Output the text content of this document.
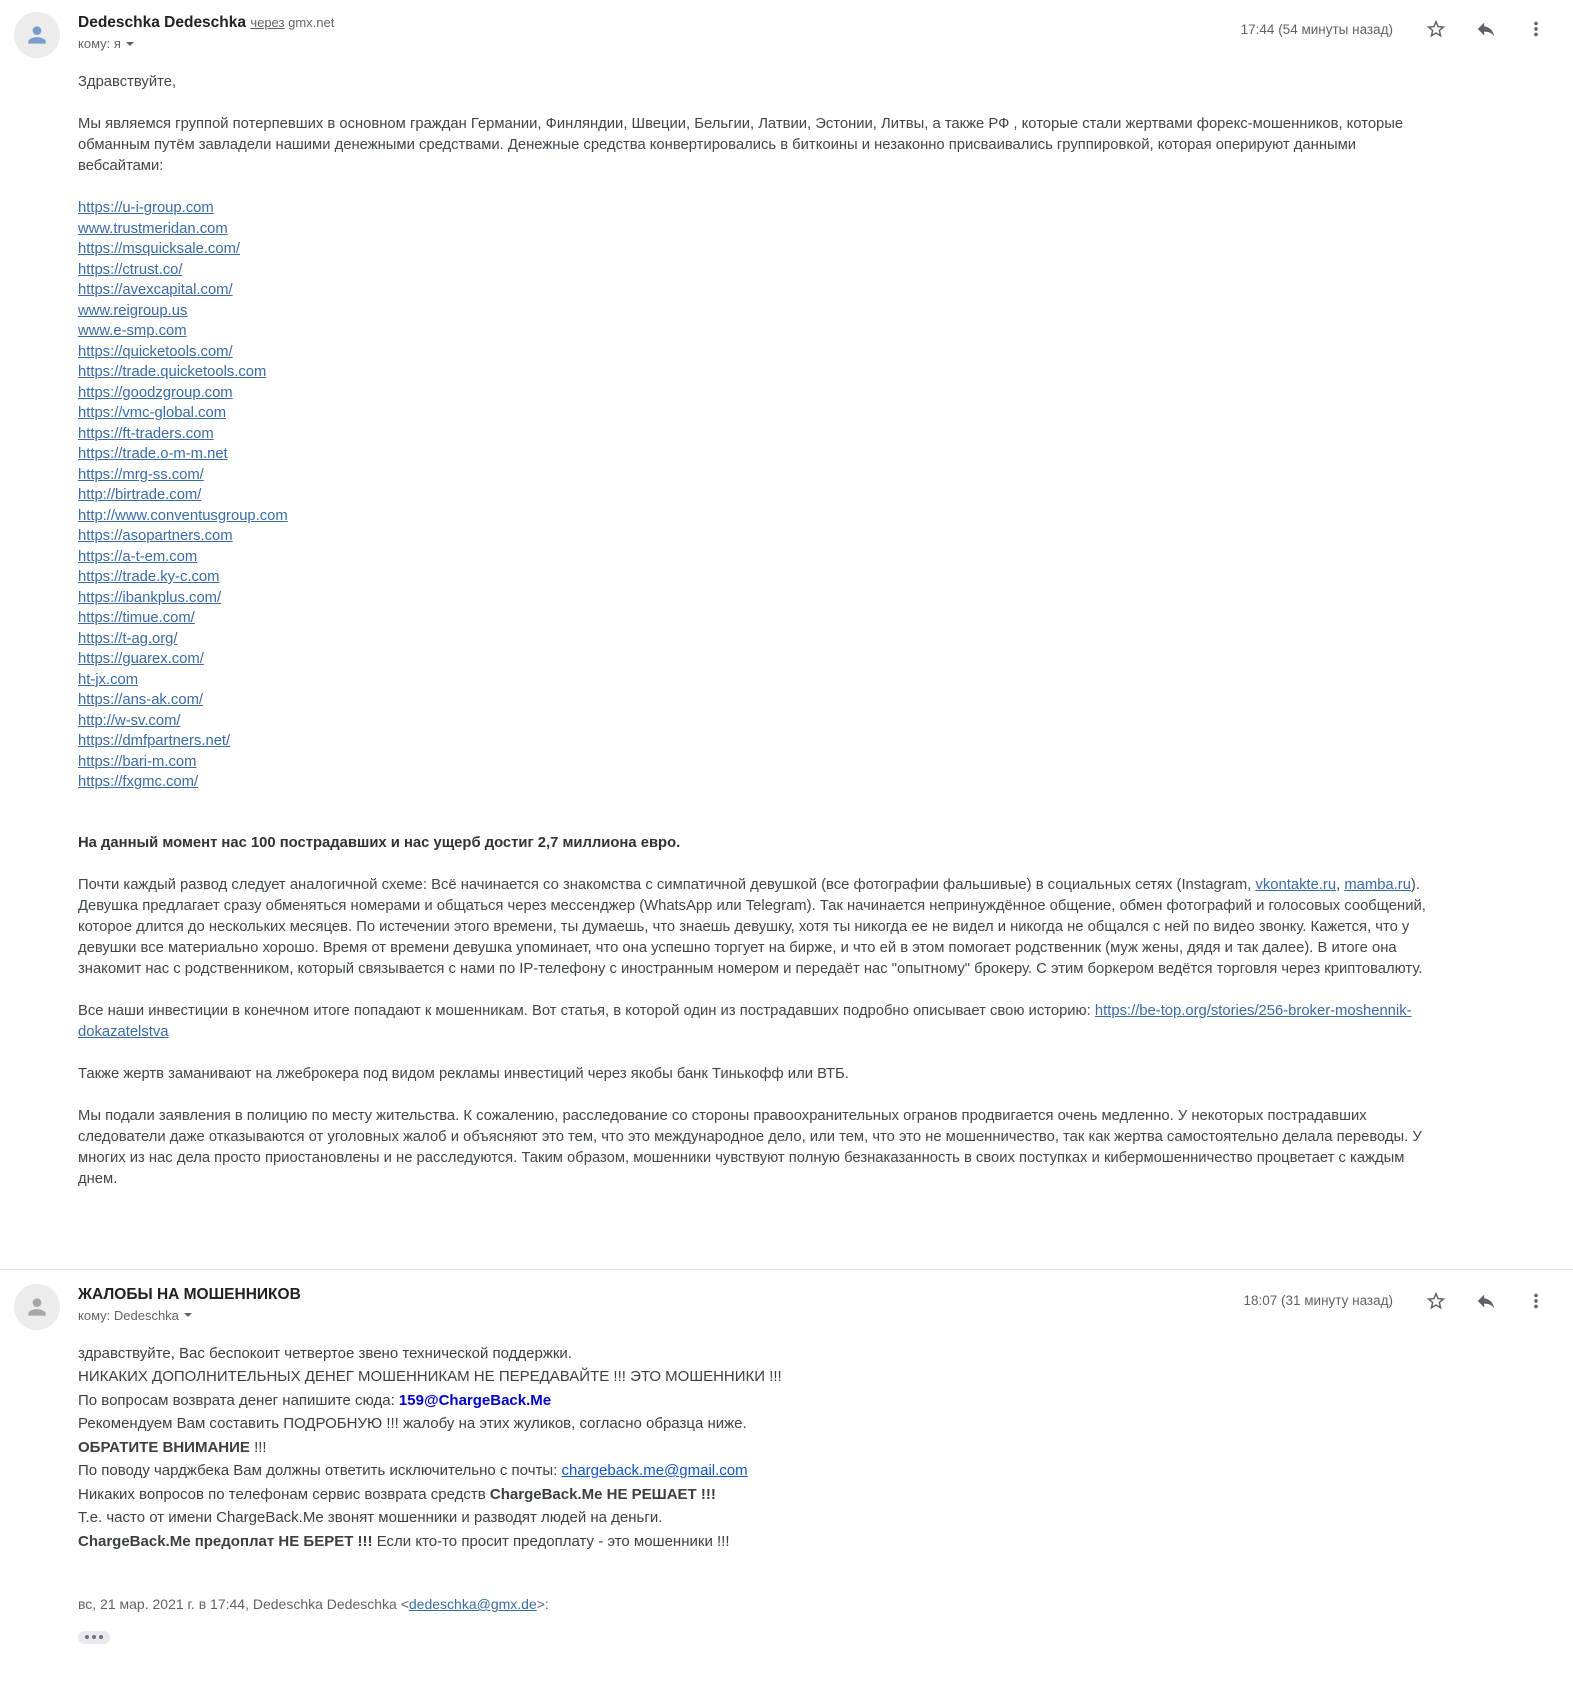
Dedeschka Dedeschka через gmx.net
кому: я
17:44 (54 минуты назад)

Здравствуйте,

Мы являемся группой потерпевших в основном граждан Германии, Финляндии, Швеции, Бельгии, Латвии, Эстонии, Литвы, а также РФ , которые стали жертвами форекс-мошенников, которые обманным путём завладели нашими денежными средствами. Денежные средства конвертировались в биткоины и незаконно присваивались группировкой, которая оперируют данными вебсайтами:

https://u-i-group.com
www.trustmeridan.com
https://msquicksale.com/
https://ctrust.co/
https://avexcapital.com/
www.reigroup.us
www.e-smp.com
https://quicketools.com/
https://trade.quicketools.com
https://goodzgroup.com
https://vmc-global.com
https://ft-traders.com
https://trade.o-m-m.net
https://mrg-ss.com/
http://birtrade.com/
http://www.conventusgroup.com
https://asopartners.com
https://a-t-em.com
https://trade.ky-c.com
https://ibankplus.com/
https://timue.com/
https://t-ag.org/
https://guarex.com/
ht-jx.com
https://ans-ak.com/
http://w-sv.com/
https://dmfpartners.net/
https://bari-m.com
https://fxgmc.com/

На данный момент нас 100 пострадавших и нас ущерб достиг 2,7 миллиона евро.

Почти каждый развод следует аналогичной схеме: Всё начинается со знакомства с симпатичной девушкой (все фотографии фальшивые) в социальных сетях (Instagram, vkontakte.ru, mamba.ru). Девушка предлагает сразу обменяться номерами и общаться через мессенджер (WhatsApp или Telegram). Так начинается непринуждённое общение, обмен фотографий и голосовых сообщений, которое длится до нескольких месяцев. По истечении этого времени, ты думаешь, что знаешь девушку, хотя ты никогда ее не видел и никогда не общался с ней по видео звонку. Кажется, что у девушки все материально хорошо. Время от времени девушка упоминает, что она успешно торгует на бирже, и что ей в этом помогает родственник (муж жены, дядя и так далее). В итоге она знакомит нас с родственником, который связывается с нами по IP-телефону с иностранным номером и передаёт нас "опытному" брокеру. С этим боркером ведётся торговля через криптовалюту.

Все наши инвестиции в конечном итоге попадают к мошенникам. Вот статья, в которой один из пострадавших подробно описывает свою историю: https://be-top.org/stories/256-broker-moshennik-dokazatelstva

Также жертв заманивают на лжеброкера под видом рекламы инвестиций через якобы банк Тинькофф или ВТБ.

Мы подали заявления в полицию по месту жительства. К сожалению, расследование со стороны правоохранительных огранов продвигается очень медленно. У некоторых пострадавших следователи даже отказываются от уголовных жалоб и объясняют это тем, что это международное дело, или тем, что это не мошенничество, так как жертва самостоятельно делала переводы. У многих из нас дела просто приостановлены и не расследуются. Таким образом, мошенники чувствуют полную безнаказанность в своих поступках и кибермошенничество процветает с каждым днем.

ЖАЛОБЫ НА МОШЕННИКОВ
кому: Dedeschka
18:07 (31 минуту назад)
здравствуйте, Вас беспокоит четвертое звено технической поддержки.
НИКАКИХ ДОПОЛНИТЕЛЬНЫХ ДЕНЕГ МОШЕННИКАМ НЕ ПЕРЕДАВАЙТЕ !!! ЭТО МОШЕННИКИ !!!
По вопросам возврата денег напишите сюда: 159@ChargeBack.Me
Рекомендуем Вам составить ПОДРОБНУЮ !!! жалобу на этих жуликов, согласно образца ниже.
ОБРАТИТЕ ВНИМАНИЕ !!!
По поводу чарджбека Вам должны ответить исключительно с почты: chargeback.me@gmail.com
Никаких вопросов по телефонам сервис возврата средств ChargeBack.Me НЕ РЕШАЕТ !!!
Т.е. часто от имени ChargeBack.Me звонят мошенники и разводят людей на деньги.
ChargeBack.Me предоплат НЕ БЕРЕТ !!! Если кто-то просит предоплату - это мошенники !!!

вс, 21 мар. 2021 г. в 17:44, Dedeschka Dedeschka <dedeschka@gmx.de>:
